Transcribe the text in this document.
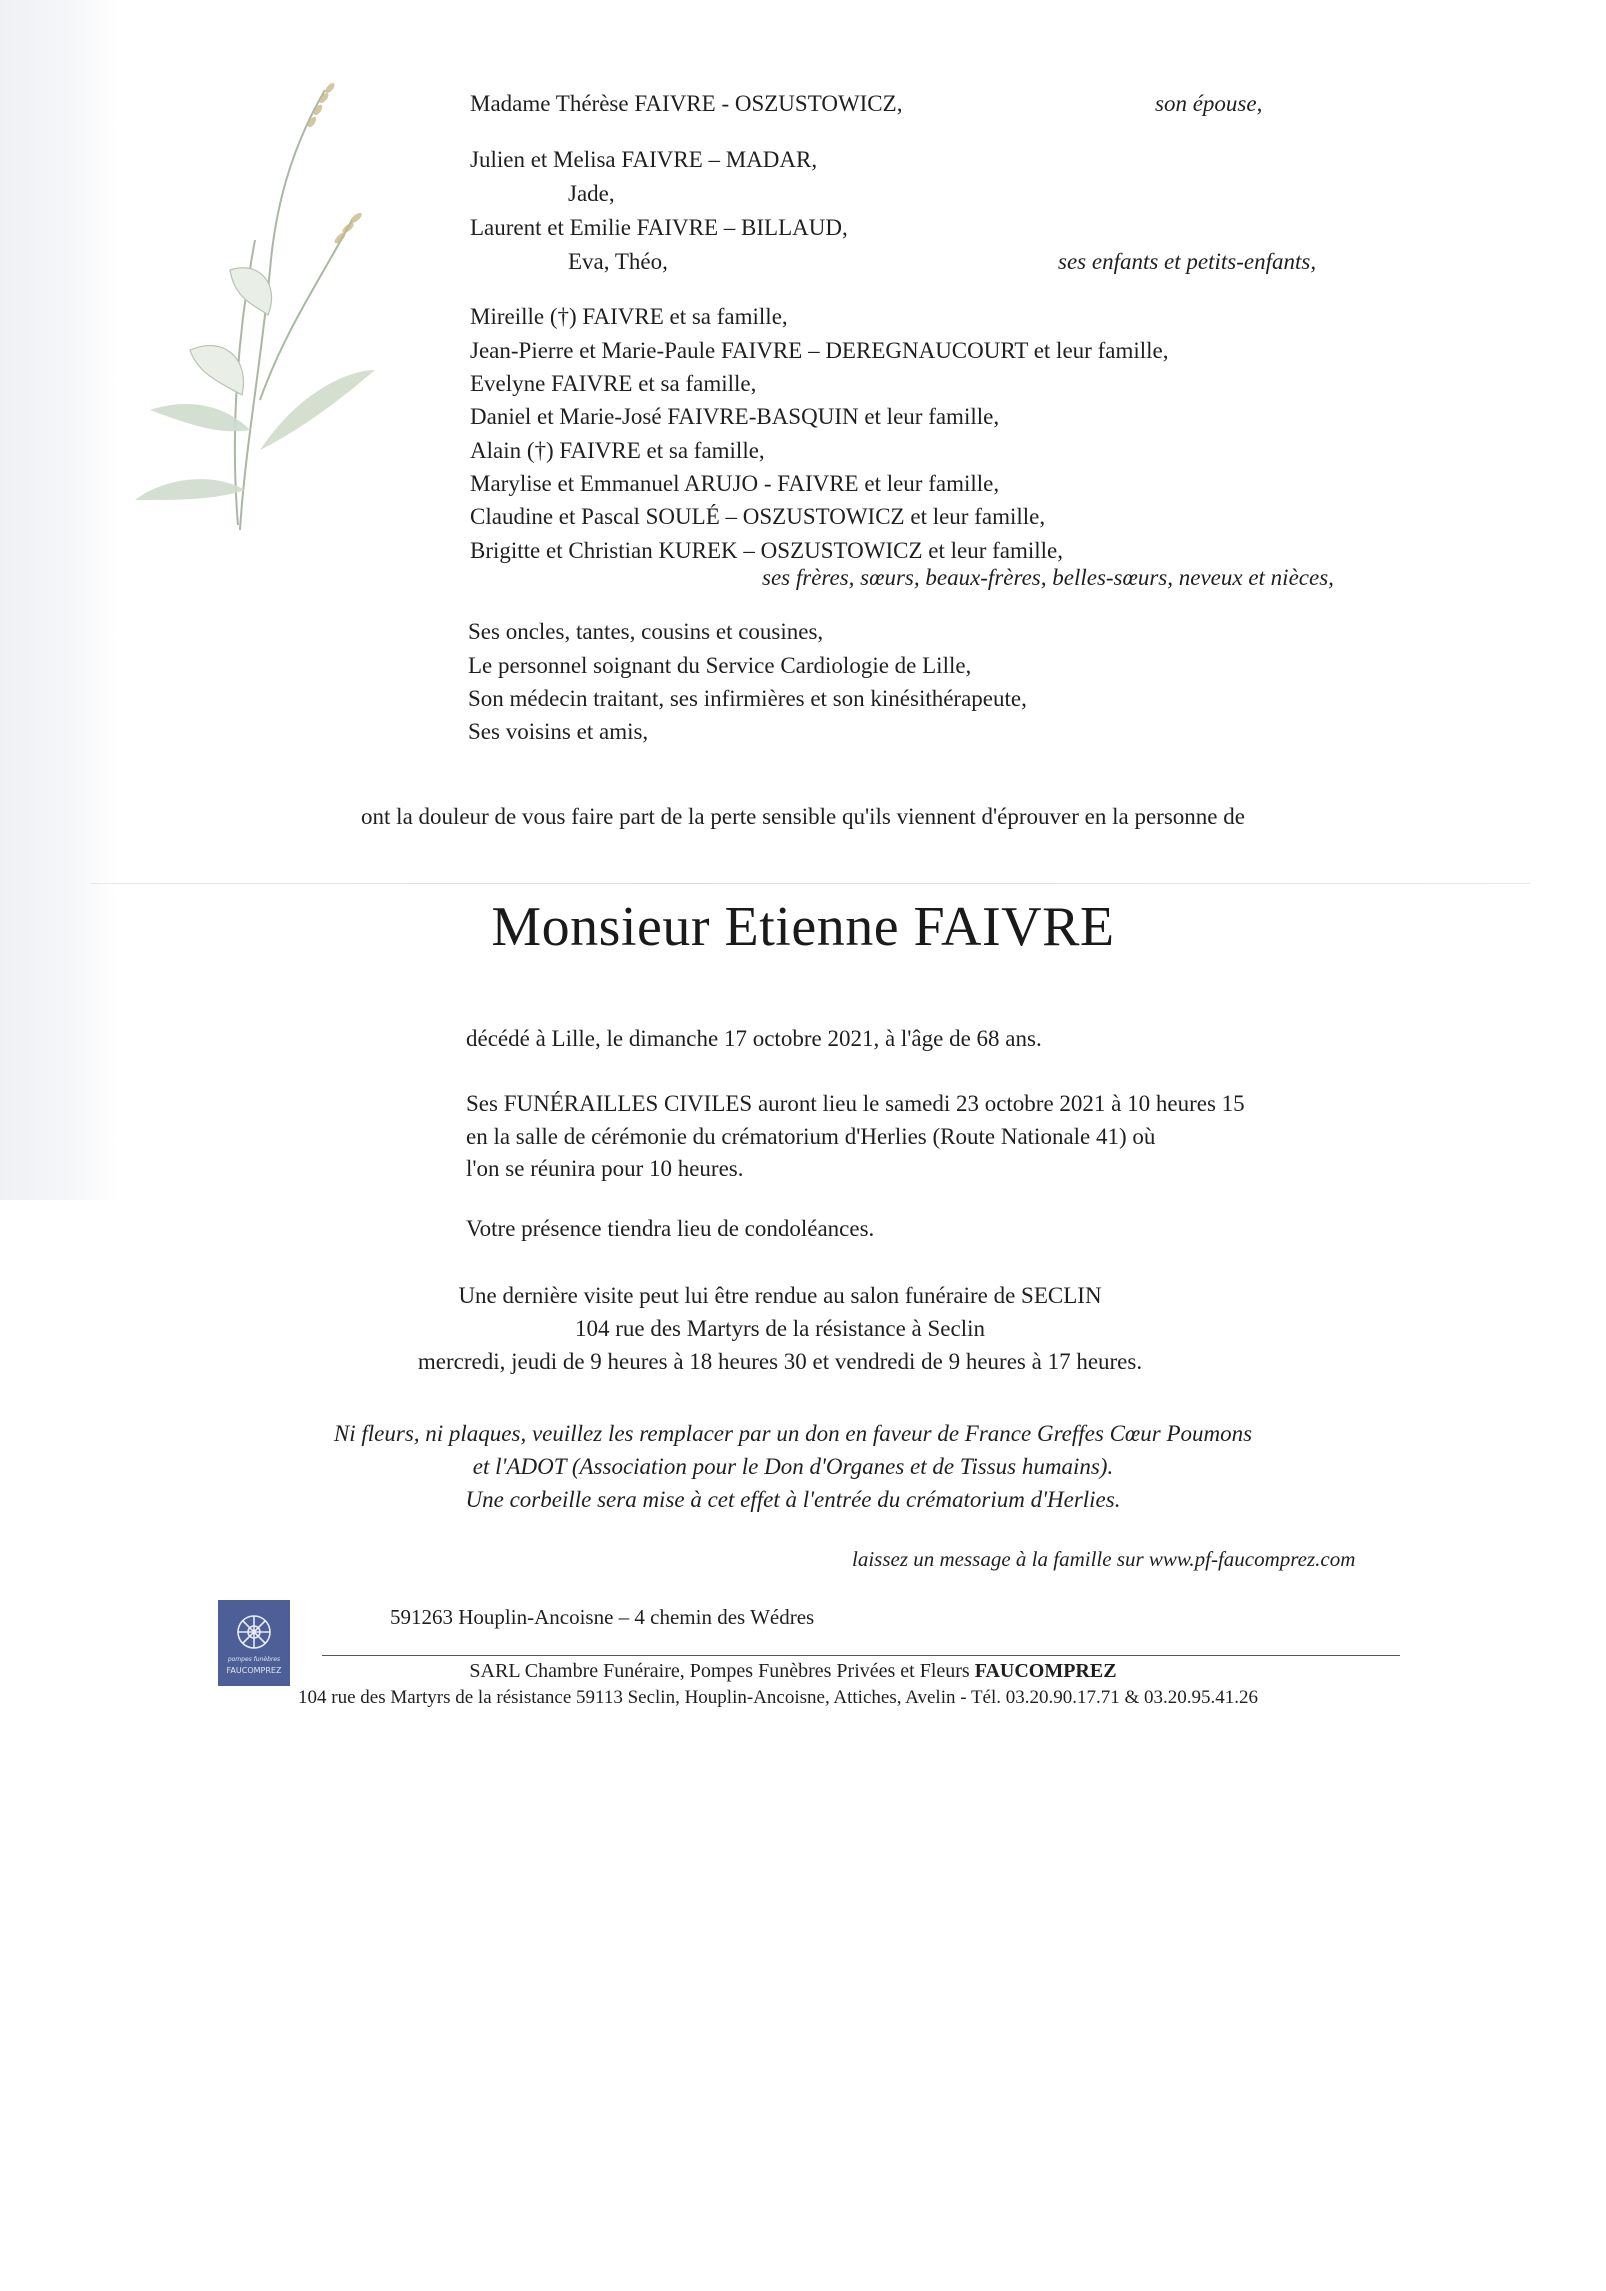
Madame Thérèse FAIVRE - OSZUSTOWICZ,	son épouse,
Julien et Melisa FAIVRE – MADAR,
Jade,
Laurent et Emilie FAIVRE – BILLAUD,
Eva, Théo,	ses enfants et petits-enfants,
Mireille (†) FAIVRE et sa famille,
Jean-Pierre et Marie-Paule FAIVRE – DEREGNAUCOURT et leur famille,
Evelyne FAIVRE et sa famille,
Daniel et Marie-José FAIVRE-BASQUIN et leur famille,
Alain (†) FAIVRE et sa famille,
Marylise et Emmanuel ARUJO - FAIVRE et leur famille,
Claudine et Pascal SOULÉ – OSZUSTOWICZ et leur famille,
Brigitte et Christian KUREK – OSZUSTOWICZ et leur famille,
ses frères, sœurs, beaux-frères, belles-sœurs, neveux et nièces,
Ses oncles, tantes, cousins et cousines,
Le personnel soignant du Service Cardiologie de Lille,
Son médecin traitant, ses infirmières et son kinésithérapeute,
Ses voisins et amis,
ont la douleur de vous faire part de la perte sensible qu'ils viennent d'éprouver en la personne de
Monsieur Etienne FAIVRE
décédé à Lille, le dimanche 17 octobre 2021, à l'âge de 68 ans.
Ses FUNÉRAILLES CIVILES auront lieu le samedi 23 octobre 2021 à 10 heures 15
en la salle de cérémonie du crématorium d'Herlies (Route Nationale 41) où
l'on se réunira pour 10 heures.
Votre présence tiendra lieu de condoléances.
Une dernière visite peut lui être rendue au salon funéraire de SECLIN
104 rue des Martyrs de la résistance à Seclin
mercredi, jeudi de 9 heures à 18 heures 30 et vendredi de 9 heures à 17 heures.
Ni fleurs, ni plaques, veuillez les remplacer par un don en faveur de France Greffes Cœur Poumons
et l'ADOT (Association pour le Don d'Organes et de Tissus humains).
Une corbeille sera mise à cet effet à l'entrée du crématorium d'Herlies.
laissez un message à la famille sur www.pf-faucomprez.com
pompes funèbres
FAUCOMPREZ
591263 Houplin-Ancoisne – 4 chemin des Wédres
SARL Chambre Funéraire, Pompes Funèbres Privées et Fleurs FAUCOMPREZ
104 rue des Martyrs de la résistance 59113 Seclin, Houplin-Ancoisne, Attiches, Avelin - Tél. 03.20.90.17.71 & 03.20.95.41.26
